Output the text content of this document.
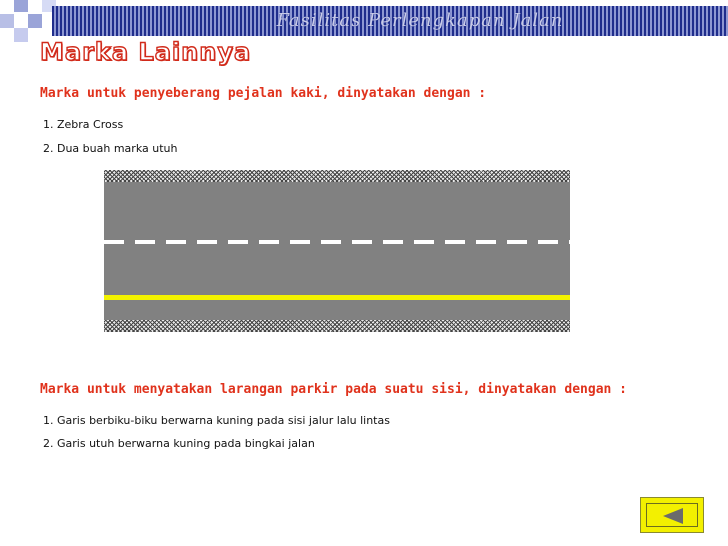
Fasilitas Perlengkapan Jalan
Marka Lainnya
Marka untuk penyeberang pejalan kaki, dinyatakan dengan :
1. Zebra Cross
2. Dua buah marka utuh
Marka untuk menyatakan larangan parkir pada suatu sisi, dinyatakan dengan :
1. Garis berbiku-biku berwarna kuning pada sisi jalur lalu lintas
2. Garis utuh berwarna kuning pada bingkai jalan
